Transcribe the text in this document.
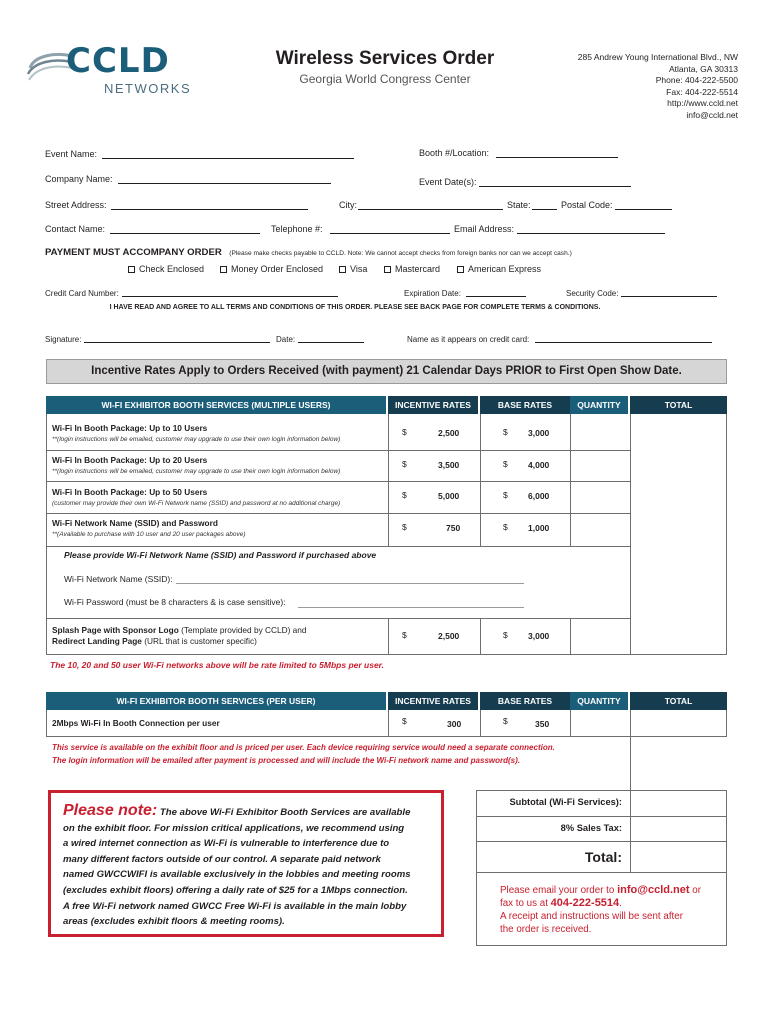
CCLD
NETWORKS
Wireless Services Order
Georgia World Congress Center
285 Andrew Young International Blvd., NW
Atlanta, GA 30313
Phone: 404-222-5500
Fax: 404-222-5514
http://www.ccld.net
info@ccld.net
Event Name:	Booth #/Location:
Company Name:	Event Date(s):
Street Address:	City:	State:	Postal Code:
Contact Name:	Telephone #:	Email Address:
PAYMENT MUST ACCOMPANY ORDER (Please make checks payable to CCLD. Note: We cannot accept checks from foreign banks nor can we accept cash.)
Check Enclosed	Money Order Enclosed	Visa	Mastercard	American Express
Credit Card Number:	Expiration Date:	Security Code:
I HAVE READ AND AGREE TO ALL TERMS AND CONDITIONS OF THIS ORDER. PLEASE SEE BACK PAGE FOR COMPLETE TERMS & CONDITIONS.
Signature:	Date:	Name as it appears on credit card:
Incentive Rates Apply to Orders Received (with payment) 21 Calendar Days PRIOR to First Open Show Date.
WI-FI EXHIBITOR BOOTH SERVICES (MULTIPLE USERS)	INCENTIVE RATES	BASE RATES	QUANTITY	TOTAL
Wi-Fi In Booth Package: Up to 10 Users
**(login instructions will be emailed, customer may upgrade to use their own login information below)
$	2,500	$ 3,000
Wi-Fi In Booth Package: Up to 20 Users
**(login instructions will be emailed, customer may upgrade to use their own login information below)
$	3,500	$ 4,000
Wi-Fi In Booth Package: Up to 50 Users
(customer may provide their own Wi-Fi Network name (SSID) and password at no additional charge)
$	5,000	$ 6,000
Wi-Fi Network Name (SSID) and Password
**(Available to purchase with 10 user and 20 user packages above)
$	750	$ 1,000
Please provide Wi-Fi Network Name (SSID) and Password if purchased above
Wi-Fi Network Name (SSID):
Wi-Fi Password (must be 8 characters & is case sensitive):
Splash Page with Sponsor Logo (Template provided by CCLD) and
Redirect Landing Page (URL that is customer specific)
$	2,500	$ 3,000
The 10, 20 and 50 user Wi-Fi networks above will be rate limited to 5Mbps per user.
WI-FI EXHIBITOR BOOTH SERVICES (PER USER)	INCENTIVE RATES	BASE RATES	QUANTITY	TOTAL
2Mbps Wi-Fi In Booth Connection per user	$	300	$	350
This service is available on the exhibit floor and is priced per user. Each device requiring service would need a separate connection.
The login information will be emailed after payment is processed and will include the Wi-Fi network name and password(s).
Please note: The above Wi-Fi Exhibitor Booth Services are available
on the exhibit floor. For mission critical applications, we recommend using
a wired internet connection as Wi-Fi is vulnerable to interference due to
many different factors outside of our control. A separate paid network
named GWCCWIFI is available exclusively in the lobbies and meeting rooms
(excludes exhibit floors) offering a daily rate of $25 for a 1Mbps connection.
A free Wi-Fi network named GWCC Free Wi-Fi is available in the main lobby
areas (excludes exhibit floors & meeting rooms).
Subtotal (Wi-Fi Services):
8% Sales Tax:
Total:
Please email your order to info@ccld.net or
fax to us at 404-222-5514.
A receipt and instructions will be sent after
the order is received.
